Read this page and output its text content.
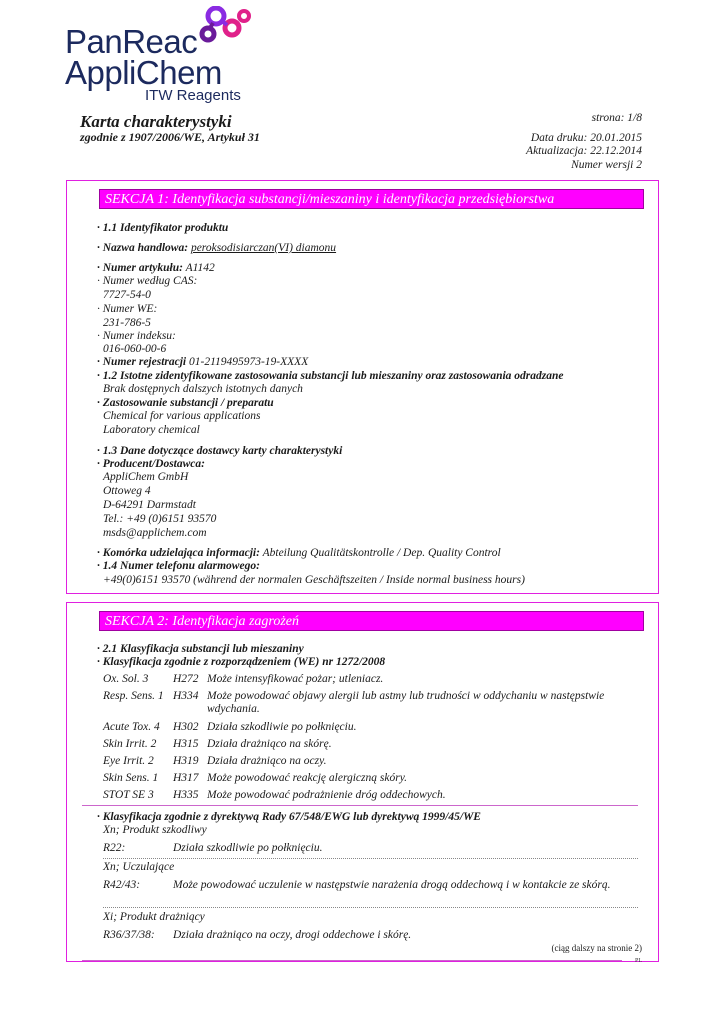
PanReac
AppliChem
ITW Reagents
Karta charakterystyki
zgodnie z 1907/2006/WE, Artykuł 31
strona: 1/8
Data druku: 20.01.2015
Aktualizacja: 22.12.2014
Numer wersji 2
SEKCJA 1: Identyfikacja substancji/mieszaniny i identyfikacja przedsiębiorstwa
· 1.1 Identyfikator produktu
· Nazwa handlowa: peroksodisiarczan(VI) diamonu
· Numer artykułu: A1142
· Numer według CAS:
7727-54-0
· Numer WE:
231-786-5
· Numer indeksu:
016-060-00-6
· Numer rejestracji 01-2119495973-19-XXXX
· 1.2 Istotne zidentyfikowane zastosowania substancji lub mieszaniny oraz zastosowania odradzane
Brak dostępnych dalszych istotnych danych
· Zastosowanie substancji / preparatu
Chemical for various applications
Laboratory chemical
· 1.3 Dane dotyczące dostawcy karty charakterystyki
· Producent/Dostawca:
AppliChem GmbH
Ottoweg 4
D-64291 Darmstadt
Tel.: +49 (0)6151 93570
msds@applichem.com
· Komórka udzielająca informacji: Abteilung Qualitätskontrolle / Dep. Quality Control
· 1.4 Numer telefonu alarmowego:
+49(0)6151 93570 (während der normalen Geschäftszeiten / Inside normal business hours)
SEKCJA 2: Identyfikacja zagrożeń
· 2.1 Klasyfikacja substancji lub mieszaniny
· Klasyfikacja zgodnie z rozporządzeniem (WE) nr 1272/2008
Ox. Sol. 3	H272 Może intensyfikować pożar; utleniacz.
Resp. Sens. 1 H334 Może powodować objawy alergii lub astmy lub trudności w oddychaniu w następstwie wdychania.
Acute Tox. 4	H302 Działa szkodliwie po połknięciu.
Skin Irrit. 2	H315 Działa drażniąco na skórę.
Eye Irrit. 2	H319 Działa drażniąco na oczy.
Skin Sens. 1	H317 Może powodować reakcję alergiczną skóry.
STOT SE 3	H335 Może powodować podrażnienie dróg oddechowych.
· Klasyfikacja zgodnie z dyrektywą Rady 67/548/EWG lub dyrektywą 1999/45/WE
Xn; Produkt szkodliwy
R22:	Działa szkodliwie po połknięciu.
Xn; Uczulające
R42/43:	Może powodować uczulenie w następstwie narażenia drogą oddechową i w kontakcie ze skórą.
Xi; Produkt drażniący
R36/37/38:	Działa drażniąco na oczy, drogi oddechowe i skórę.
(ciąg dalszy na stronie 2)
PL
